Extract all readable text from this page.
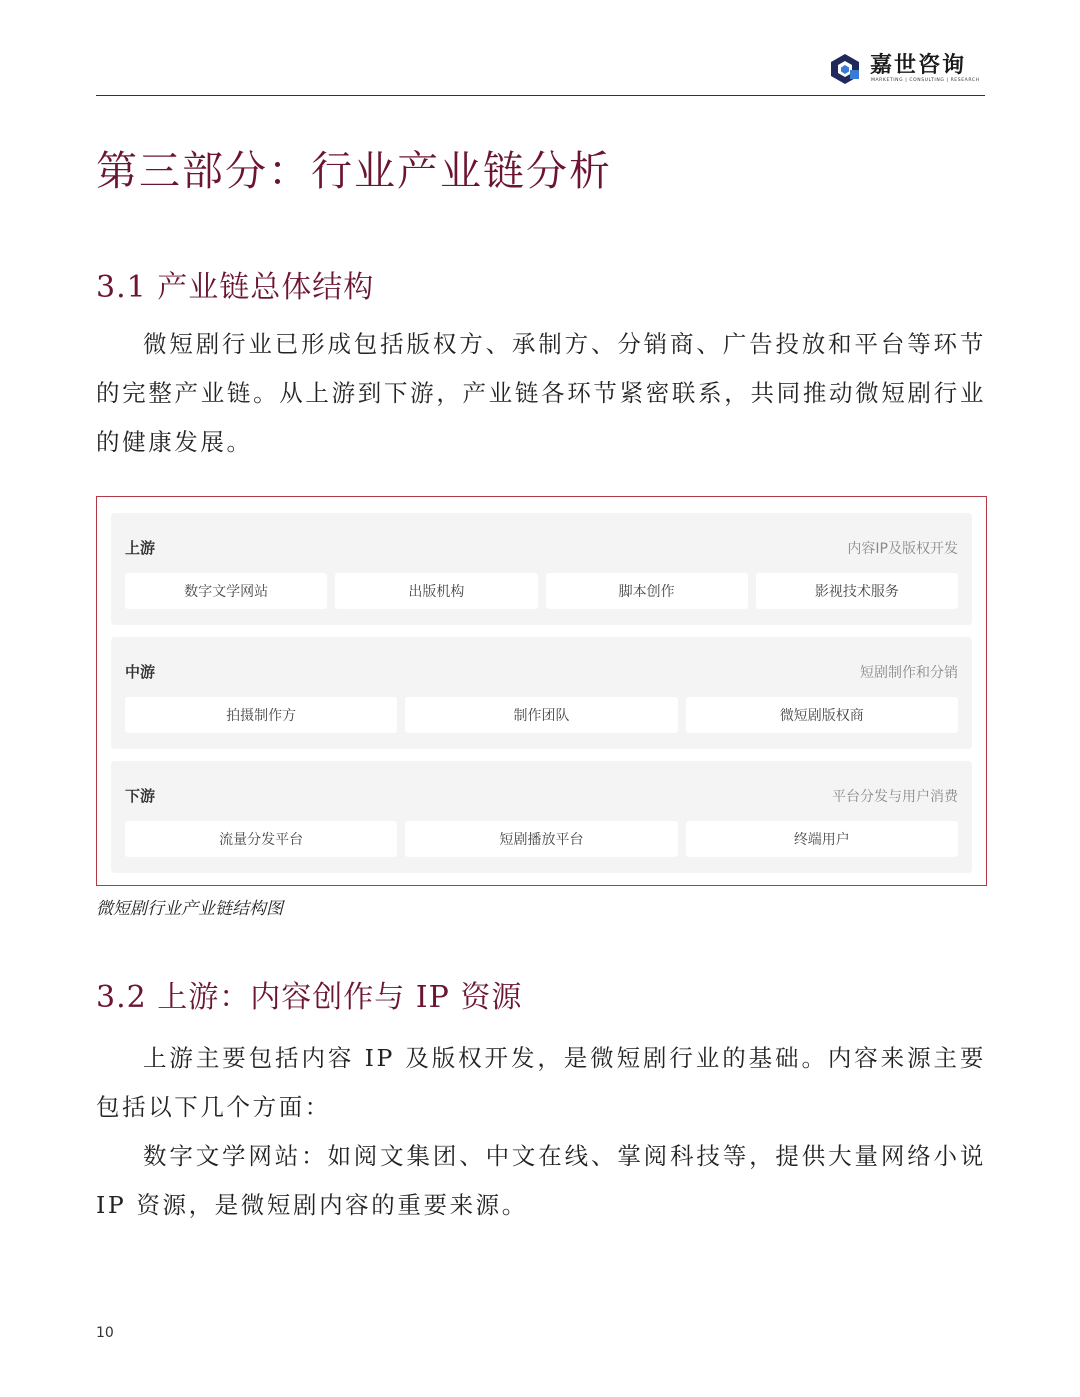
嘉世咨询
MARKETING | CONSULTING | RESEARCH
第三部分：行业产业链分析
3.1 产业链总体结构

微短剧行业已形成包括版权方、承制方、分销商、广告投放和平台等环节的完整产业链。从上游到下游，产业链各环节紧密联系，共同推动微短剧行业的健康发展。

上游	内容IP及版权开发
数字文学网站	出版机构	脚本创作	影视技术服务
中游	短剧制作和分销
拍摄制作方	制作团队	微短剧版权商
下游	平台分发与用户消费
流量分发平台	短剧播放平台	终端用户

微短剧行业产业链结构图

3.2 上游：内容创作与 IP 资源

上游主要包括内容 IP 及版权开发，是微短剧行业的基础。内容来源主要包括以下几个方面：

数字文学网站：如阅文集团、中文在线、掌阅科技等，提供大量网络小说 IP 资源，是微短剧内容的重要来源。

10
